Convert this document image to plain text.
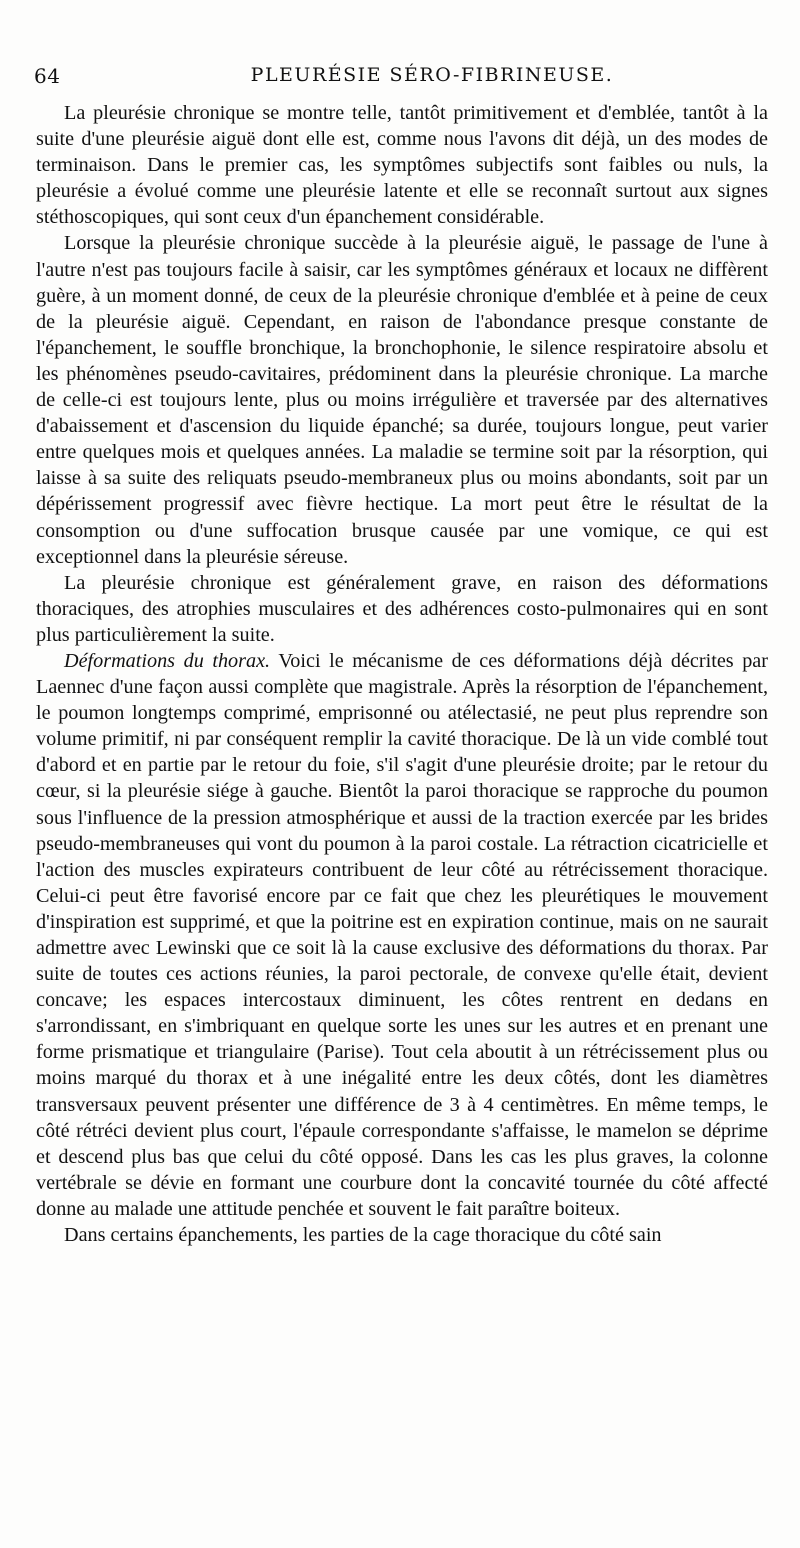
64	PLEURÉSIE SÉRO-FIBRINEUSE.

La pleurésie chronique se montre telle, tantôt primitivement et d'emblée, tantôt à la suite d'une pleurésie aiguë dont elle est, comme nous l'avons dit déjà, un des modes de terminaison. Dans le premier cas, les symptômes subjectifs sont faibles ou nuls, la pleurésie a évolué comme une pleurésie latente et elle se reconnaît surtout aux signes stéthoscopiques, qui sont ceux d'un épanchement considérable.

Lorsque la pleurésie chronique succède à la pleurésie aiguë, le passage de l'une à l'autre n'est pas toujours facile à saisir, car les symptômes généraux et locaux ne diffèrent guère, à un moment donné, de ceux de la pleurésie chronique d'emblée et à peine de ceux de la pleurésie aiguë. Cependant, en raison de l'abondance presque constante de l'épanchement, le souffle bronchique, la bronchophonie, le silence respiratoire absolu et les phénomènes pseudo-cavitaires, prédominent dans la pleurésie chronique. La marche de celle-ci est toujours lente, plus ou moins irrégulière et traversée par des alternatives d'abaissement et d'ascension du liquide épanché; sa durée, toujours longue, peut varier entre quelques mois et quelques années. La maladie se termine soit par la résorption, qui laisse à sa suite des reliquats pseudo-membraneux plus ou moins abondants, soit par un dépérissement progressif avec fièvre hectique. La mort peut être le résultat de la consomption ou d'une suffocation brusque causée par une vomique, ce qui est exceptionnel dans la pleurésie séreuse.

La pleurésie chronique est généralement grave, en raison des déformations thoraciques, des atrophies musculaires et des adhérences costo-pulmonaires qui en sont plus particulièrement la suite.

Déformations du thorax. Voici le mécanisme de ces déformations déjà décrites par Laennec d'une façon aussi complète que magistrale. Après la résorption de l'épanchement, le poumon longtemps comprimé, emprisonné ou atélectasié, ne peut plus reprendre son volume primitif, ni par conséquent remplir la cavité thoracique. De là un vide comblé tout d'abord et en partie par le retour du foie, s'il s'agit d'une pleurésie droite; par le retour du cœur, si la pleurésie siége à gauche. Bientôt la paroi thoracique se rapproche du poumon sous l'influence de la pression atmosphérique et aussi de la traction exercée par les brides pseudo-membraneuses qui vont du poumon à la paroi costale. La rétraction cicatricielle et l'action des muscles expirateurs contribuent de leur côté au rétrécissement thoracique. Celui-ci peut être favorisé encore par ce fait que chez les pleurétiques le mouvement d'inspiration est supprimé, et que la poitrine est en expiration continue, mais on ne saurait admettre avec Lewinski que ce soit là la cause exclusive des déformations du thorax. Par suite de toutes ces actions réunies, la paroi pectorale, de convexe qu'elle était, devient concave; les espaces intercostaux diminuent, les côtes rentrent en dedans en s'arrondissant, en s'imbriquant en quelque sorte les unes sur les autres et en prenant une forme prismatique et triangulaire (Parise). Tout cela aboutit à un rétrécissement plus ou moins marqué du thorax et à une inégalité entre les deux côtés, dont les diamètres transversaux peuvent présenter une différence de 3 à 4 centimètres. En même temps, le côté rétréci devient plus court, l'épaule correspondante s'affaisse, le mamelon se déprime et descend plus bas que celui du côté opposé. Dans les cas les plus graves, la colonne vertébrale se dévie en formant une courbure dont la concavité tournée du côté affecté donne au malade une attitude penchée et souvent le fait paraître boiteux.

Dans certains épanchements, les parties de la cage thoracique du côté sain
